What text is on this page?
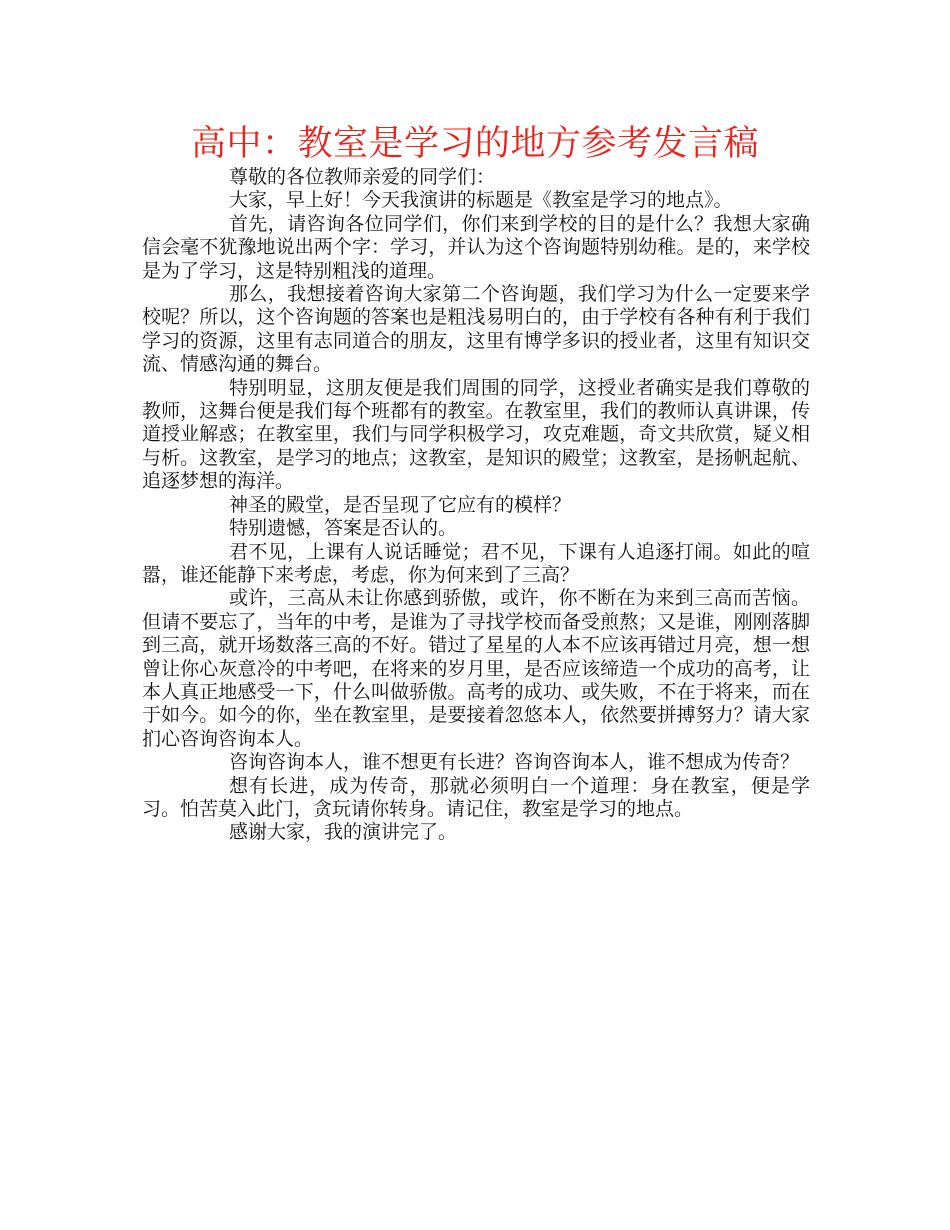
高中：教室是学习的地方参考发言稿

尊敬的各位教师亲爱的同学们：

大家，早上好！今天我演讲的标题是《教室是学习的地点》。

首先，请咨询各位同学们，你们来到学校的目的是什么？我想大家确信会毫不犹豫地说出两个字：学习，并认为这个咨询题特别幼稚。是的，来学校是为了学习，这是特别粗浅的道理。

那么，我想接着咨询大家第二个咨询题，我们学习为什么一定要来学校呢？所以，这个咨询题的答案也是粗浅易明白的，由于学校有各种有利于我们学习的资源，这里有志同道合的朋友，这里有博学多识的授业者，这里有知识交流、情感沟通的舞台。

特别明显，这朋友便是我们周围的同学，这授业者确实是我们尊敬的教师，这舞台便是我们每个班都有的教室。在教室里，我们的教师认真讲课，传道授业解惑；在教室里，我们与同学积极学习，攻克难题，奇文共欣赏，疑义相与析。这教室，是学习的地点；这教室，是知识的殿堂；这教室，是扬帆起航、追逐梦想的海洋。

神圣的殿堂，是否呈现了它应有的模样？

特别遗憾，答案是否认的。

君不见，上课有人说话睡觉；君不见，下课有人追逐打闹。如此的喧嚣，谁还能静下来考虑，考虑，你为何来到了三高？

或许，三高从未让你感到骄傲，或许，你不断在为来到三高而苦恼。但请不要忘了，当年的中考，是谁为了寻找学校而备受煎熬；又是谁，刚刚落脚到三高，就开场数落三高的不好。错过了星星的人本不应该再错过月亮，想一想曾让你心灰意冷的中考吧，在将来的岁月里，是否应该缔造一个成功的高考，让本人真正地感受一下，什么叫做骄傲。高考的成功、或失败，不在于将来，而在于如今。如今的你，坐在教室里，是要接着忽悠本人，依然要拼搏努力？请大家扪心咨询咨询本人。

咨询咨询本人，谁不想更有长进？咨询咨询本人，谁不想成为传奇？

想有长进，成为传奇，那就必须明白一个道理：身在教室，便是学习。怕苦莫入此门，贪玩请你转身。请记住，教室是学习的地点。

感谢大家，我的演讲完了。
